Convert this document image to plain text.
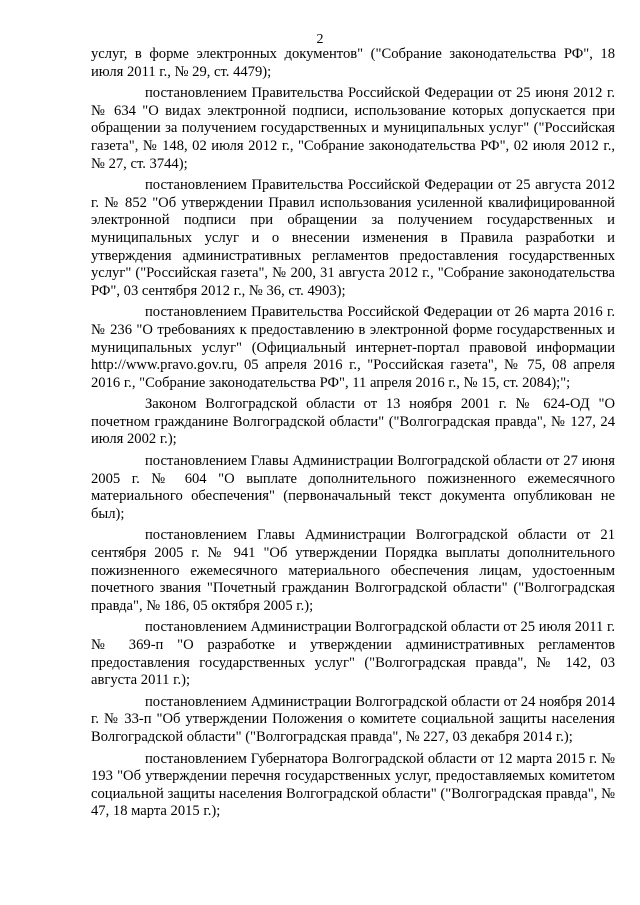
2

услуг, в форме электронных документов" ("Собрание законодательства РФ", 18 июля 2011 г., № 29, ст. 4479);

постановлением Правительства Российской Федерации от 25 июня 2012 г. № 634 "О видах электронной подписи, использование которых допускается при обращении за получением государственных и муниципальных услуг" ("Российская газета", № 148, 02 июля 2012 г., "Собрание законодательства РФ", 02 июля 2012 г., № 27, ст. 3744);

постановлением Правительства Российской Федерации от 25 августа 2012 г. № 852 "Об утверждении Правил использования усиленной квалифицированной электронной подписи при обращении за получением государственных и муниципальных услуг и о внесении изменения в Правила разработки и утверждения административных регламентов предоставления государственных услуг" ("Российская газета", № 200, 31 августа 2012 г., "Собрание законодательства РФ", 03 сентября 2012 г., № 36, ст. 4903);

постановлением Правительства Российской Федерации от 26 марта 2016 г. № 236 "О требованиях к предоставлению в электронной форме государственных и муниципальных услуг" (Официальный интернет-портал правовой информации http://www.pravo.gov.ru, 05 апреля 2016 г., "Российская газета", № 75, 08 апреля 2016 г., "Собрание законодательства РФ", 11 апреля 2016 г., № 15, ст. 2084);";

Законом Волгоградской области от 13 ноября 2001 г. № 624-ОД "О почетном гражданине Волгоградской области" ("Волгоградская правда", № 127, 24 июля 2002 г.);

постановлением Главы Администрации Волгоградской области от 27 июня 2005 г. № 604 "О выплате дополнительного пожизненного ежемесячного материального обеспечения" (первоначальный текст документа опубликован не был);

постановлением Главы Администрации Волгоградской области от 21 сентября 2005 г. № 941 "Об утверждении Порядка выплаты дополнительного пожизненного ежемесячного материального обеспечения лицам, удостоенным почетного звания "Почетный гражданин Волгоградской области" ("Волгоградская правда", № 186, 05 октября 2005 г.);

постановлением Администрации Волгоградской области от 25 июля 2011 г. № 369-п "О разработке и утверждении административных регламентов предоставления государственных услуг" ("Волгоградская правда", № 142, 03 августа 2011 г.);

постановлением Администрации Волгоградской области от 24 ноября 2014 г. № 33-п "Об утверждении Положения о комитете социальной защиты населения Волгоградской области" ("Волгоградская правда", № 227, 03 декабря 2014 г.);

постановлением Губернатора Волгоградской области от 12 марта 2015 г. № 193 "Об утверждении перечня государственных услуг, предоставляемых комитетом социальной защиты населения Волгоградской области" ("Волгоградская правда", № 47, 18 марта 2015 г.);
